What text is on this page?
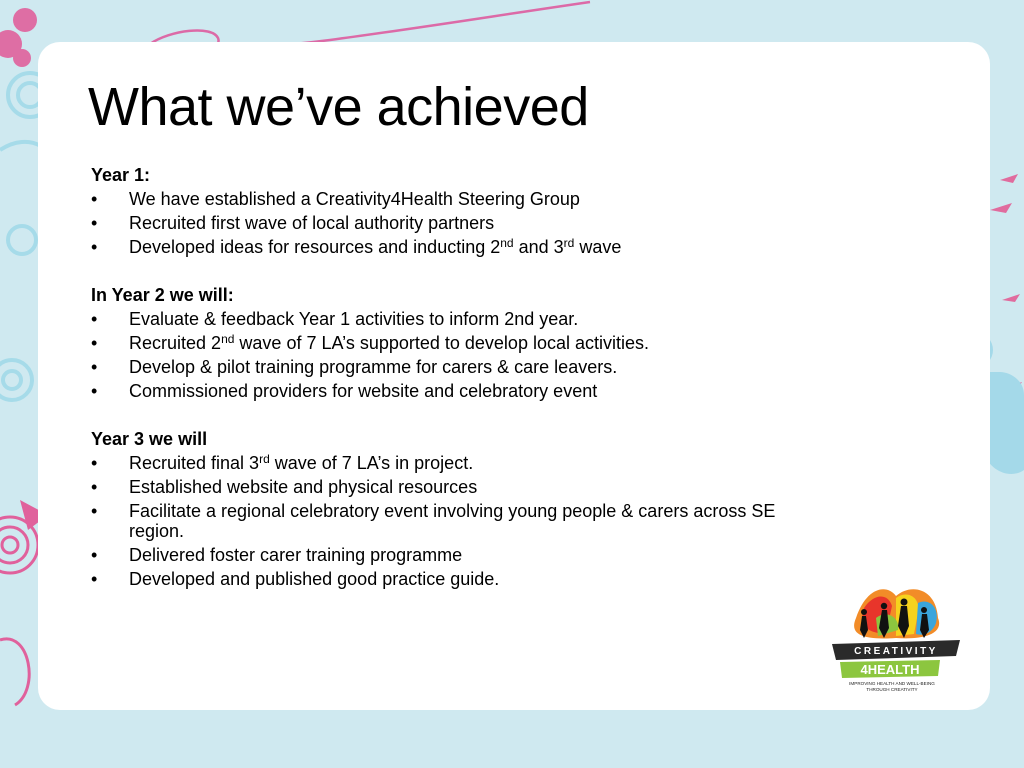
What we’ve achieved

Year 1:

• We have established a Creativity4Health Steering Group
• Recruited first wave of local authority partners
• Developed ideas for resources and inducting 2nd and 3rd wave

In Year 2 we will:

• Evaluate & feedback Year 1 activities to inform 2nd year.
• Recruited 2nd wave of 7 LA’s supported to develop local activities.
• Develop & pilot training programme for carers & care leavers.
• Commissioned providers for website and celebratory event

Year 3 we will

• Recruited final 3rd wave of 7 LA’s in project.
• Established website and physical resources
• Facilitate a regional celebratory event involving young people & carers across SE region.
• Delivered foster carer training programme
• Developed and published good practice guide.
CREATIVITY
4HEALTH
IMPROVING HEALTH AND WELL-BEING
THROUGH CREATIVITY
